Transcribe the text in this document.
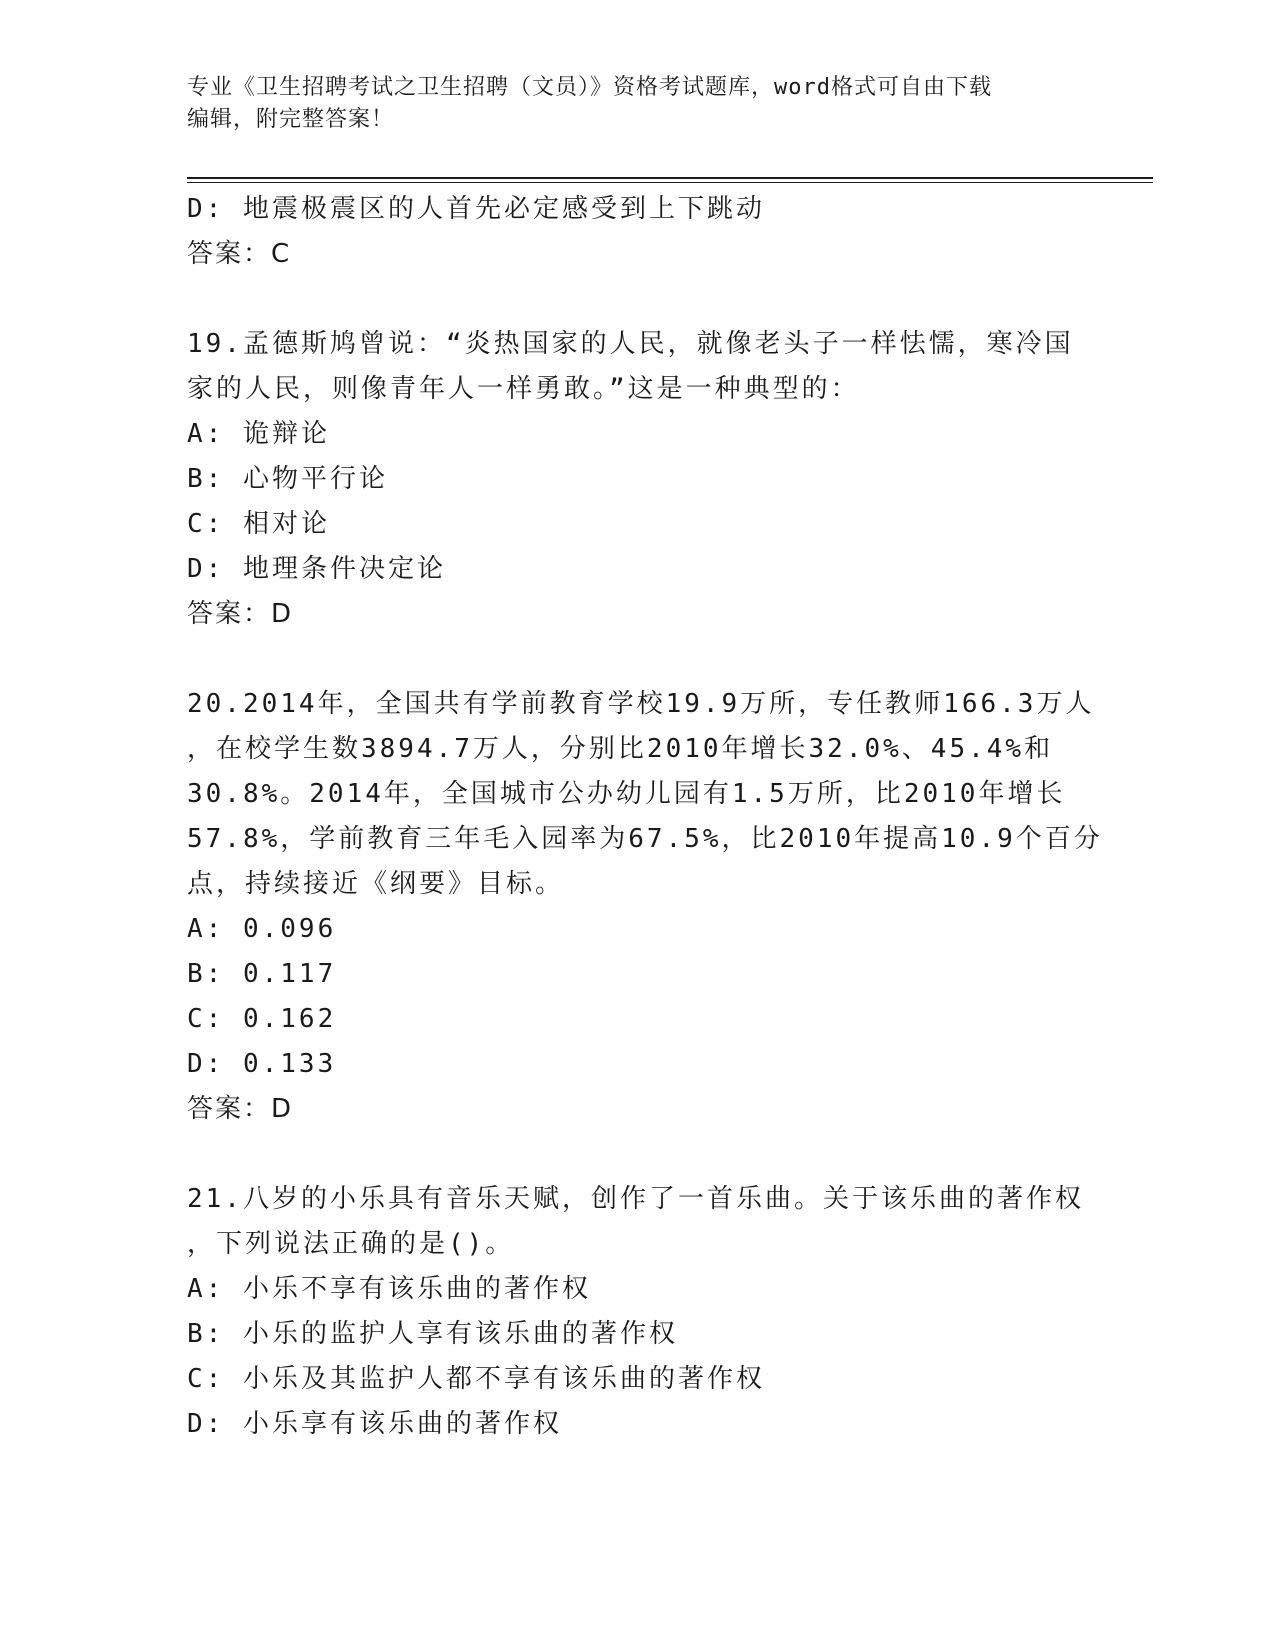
专业《卫生招聘考试之卫生招聘（文员）》资格考试题库，word格式可自由下载
编辑，附完整答案！
D: 地震极震区的人首先必定感受到上下跳动
答案：C
19.孟德斯鸠曾说：“炎热国家的人民，就像老头子一样怯懦，寒冷国
家的人民，则像青年人一样勇敢。”这是一种典型的：
A: 诡辩论
B: 心物平行论
C: 相对论
D: 地理条件决定论
答案：D
20.2014年，全国共有学前教育学校19.9万所，专任教师166.3万人
，在校学生数3894.7万人，分别比2010年增长32.0%、45.4%和
30.8%。2014年，全国城市公办幼儿园有1.5万所，比2010年增长
57.8%，学前教育三年毛入园率为67.5%，比2010年提高10.9个百分
点，持续接近《纲要》目标。
A: 0.096
B: 0.117
C: 0.162
D: 0.133
答案：D
21.八岁的小乐具有音乐天赋，创作了一首乐曲。关于该乐曲的著作权
，下列说法正确的是()。
A: 小乐不享有该乐曲的著作权
B: 小乐的监护人享有该乐曲的著作权
C: 小乐及其监护人都不享有该乐曲的著作权
D: 小乐享有该乐曲的著作权
